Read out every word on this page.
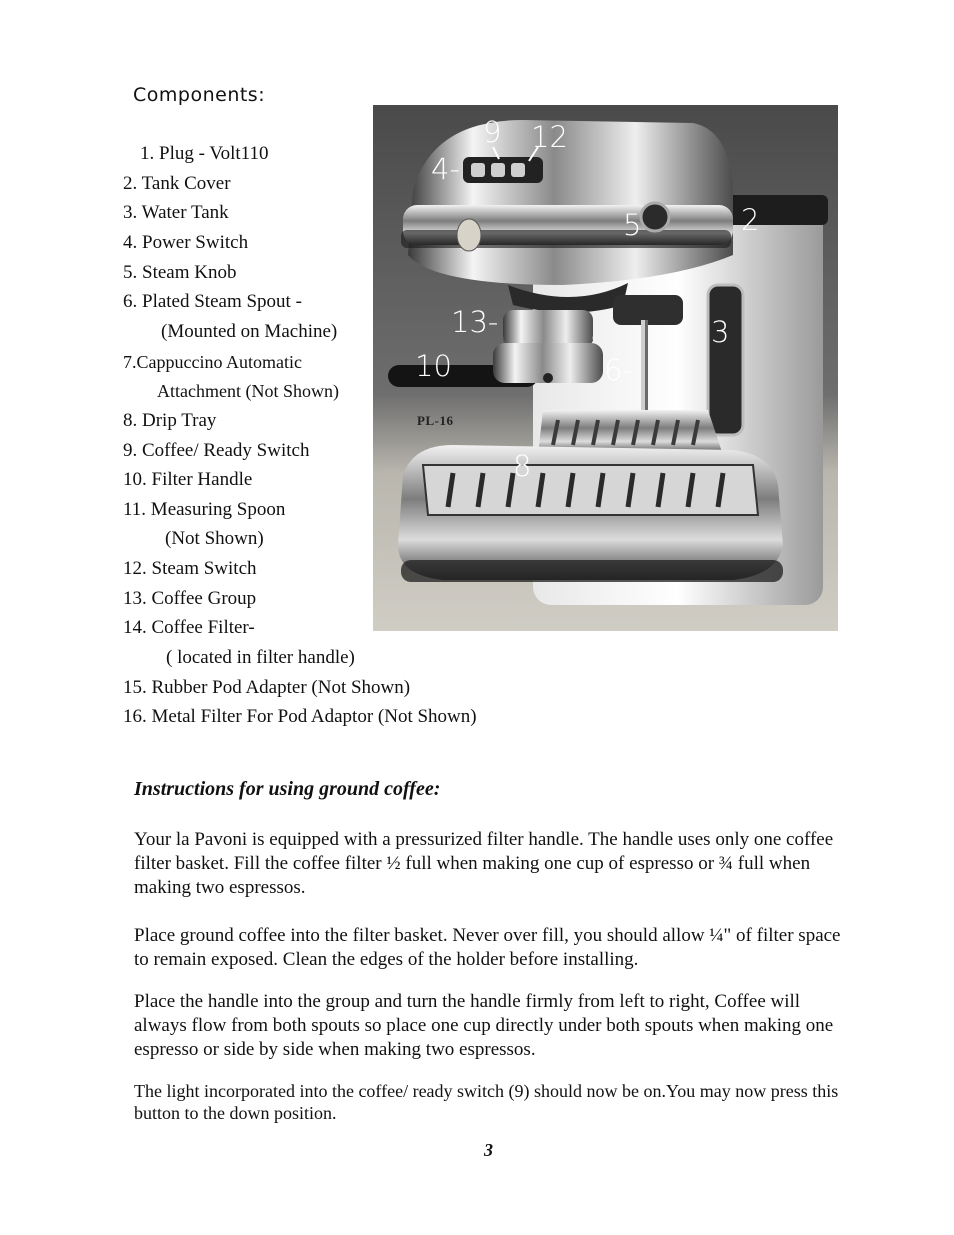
Components:
1. Plug - Volt110
2. Tank Cover
3. Water Tank
4. Power Switch
5. Steam Knob
6. Plated Steam Spout -
(Mounted on Machine)
7.Cappuccino Automatic
Attachment (Not Shown)
8. Drip Tray
9. Coffee/ Ready Switch
10. Filter Handle
11. Measuring Spoon
(Not Shown)
12. Steam Switch
13. Coffee Group
14. Coffee Filter-
( located in filter handle)
15. Rubber Pod Adapter (Not Shown)
16. Metal Filter For Pod Adaptor (Not Shown)
9 12
4-
5	2
13-	3
10	6-
8
PL-16
Instructions for using ground coffee:
Your la Pavoni is equipped with a pressurized filter handle. The handle uses only one coffee filter basket. Fill the coffee filter ½ full when making one cup of espresso or ¾ full when making two espressos.
Place ground coffee into the filter basket. Never over fill, you should allow ¼" of filter space to remain exposed. Clean the edges of the holder before installing.
Place the handle into the group and turn the handle firmly from left to right, Coffee will always flow from both spouts so place one cup directly under both spouts when making one espresso or side by side when making two espressos.
The light incorporated into the coffee/ ready switch (9) should now be on.You may now press this button to the down position.
3
